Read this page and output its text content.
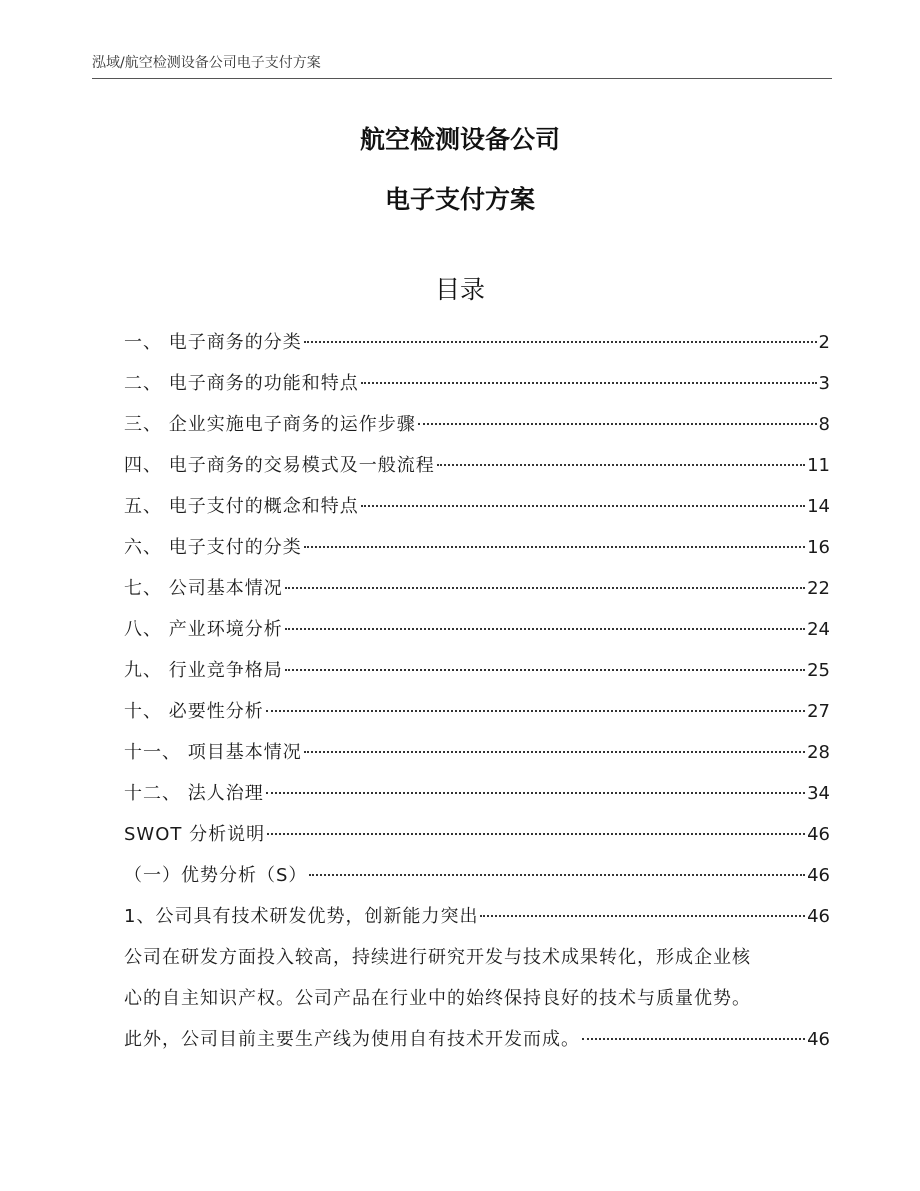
泓域/航空检测设备公司电子支付方案
航空检测设备公司
电子支付方案
目录
一、 电子商务的分类	2
二、 电子商务的功能和特点	3
三、 企业实施电子商务的运作步骤	8
四、 电子商务的交易模式及一般流程	11
五、 电子支付的概念和特点	14
六、 电子支付的分类	16
七、 公司基本情况	22
八、 产业环境分析	24
九、 行业竞争格局	25
十、 必要性分析	27
十一、 项目基本情况	28
十二、 法人治理	34
SWOT 分析说明	46
（一）优势分析（S）	46
1、公司具有技术研发优势，创新能力突出	46
公司在研发方面投入较高，持续进行研究开发与技术成果转化，形成企业核
心的自主知识产权。公司产品在行业中的始终保持良好的技术与质量优势。
此外，公司目前主要生产线为使用自有技术开发而成。	46
